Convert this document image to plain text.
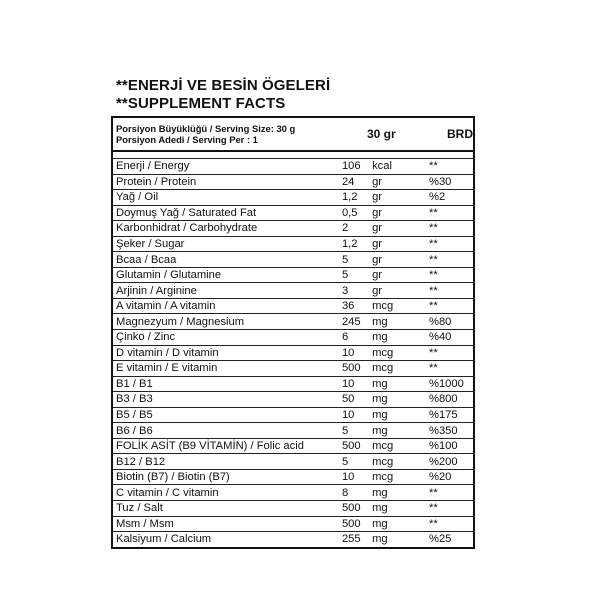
**ENERJİ VE BESİN ÖGELERİ
**SUPPLEMENT FACTS
Porsiyon Büyüklüğü / Serving Size: 30 g
Porsiyon Adedi / Serving Per : 1	30 gr		BRD

Enerji / Energy	106	kcal	**
Protein / Protein	24	gr	%30
Yağ / Oil	1,2	gr	%2
Doymuş Yağ / Saturated Fat	0,5	gr	**
Karbonhidrat / Carbohydrate	2	gr	**
Şeker / Sugar	1,2	gr	**
Bcaa / Bcaa	5	gr	**
Glutamin / Glutamine	5	gr	**
Arjinin / Arginine	3	gr	**
A vitamin / A vitamin	36	mcg	**
Magnezyum / Magnesium	245	mg	%80
Çinko / Zinc	6	mg	%40
D vitamin / D vitamin	10	mcg	**
E vitamin / E vitamin	500	mcg	**
B1 / B1	10	mg	%1000
B3 / B3	50	mg	%800
B5 / B5	10	mg	%175
B6 / B6	5	mg	%350
FOLİK ASİT (B9 VİTAMİN) / Folic acid	500	mcg	%100
B12 / B12	5	mcg	%200
Biotin (B7) / Biotin (B7)	10	mcg	%20
C vitamin / C vitamin	8	mg	**
Tuz / Salt	500	mg	**
Msm / Msm	500	mg	**
Kalsiyum / Calcium	255	mg	%25
